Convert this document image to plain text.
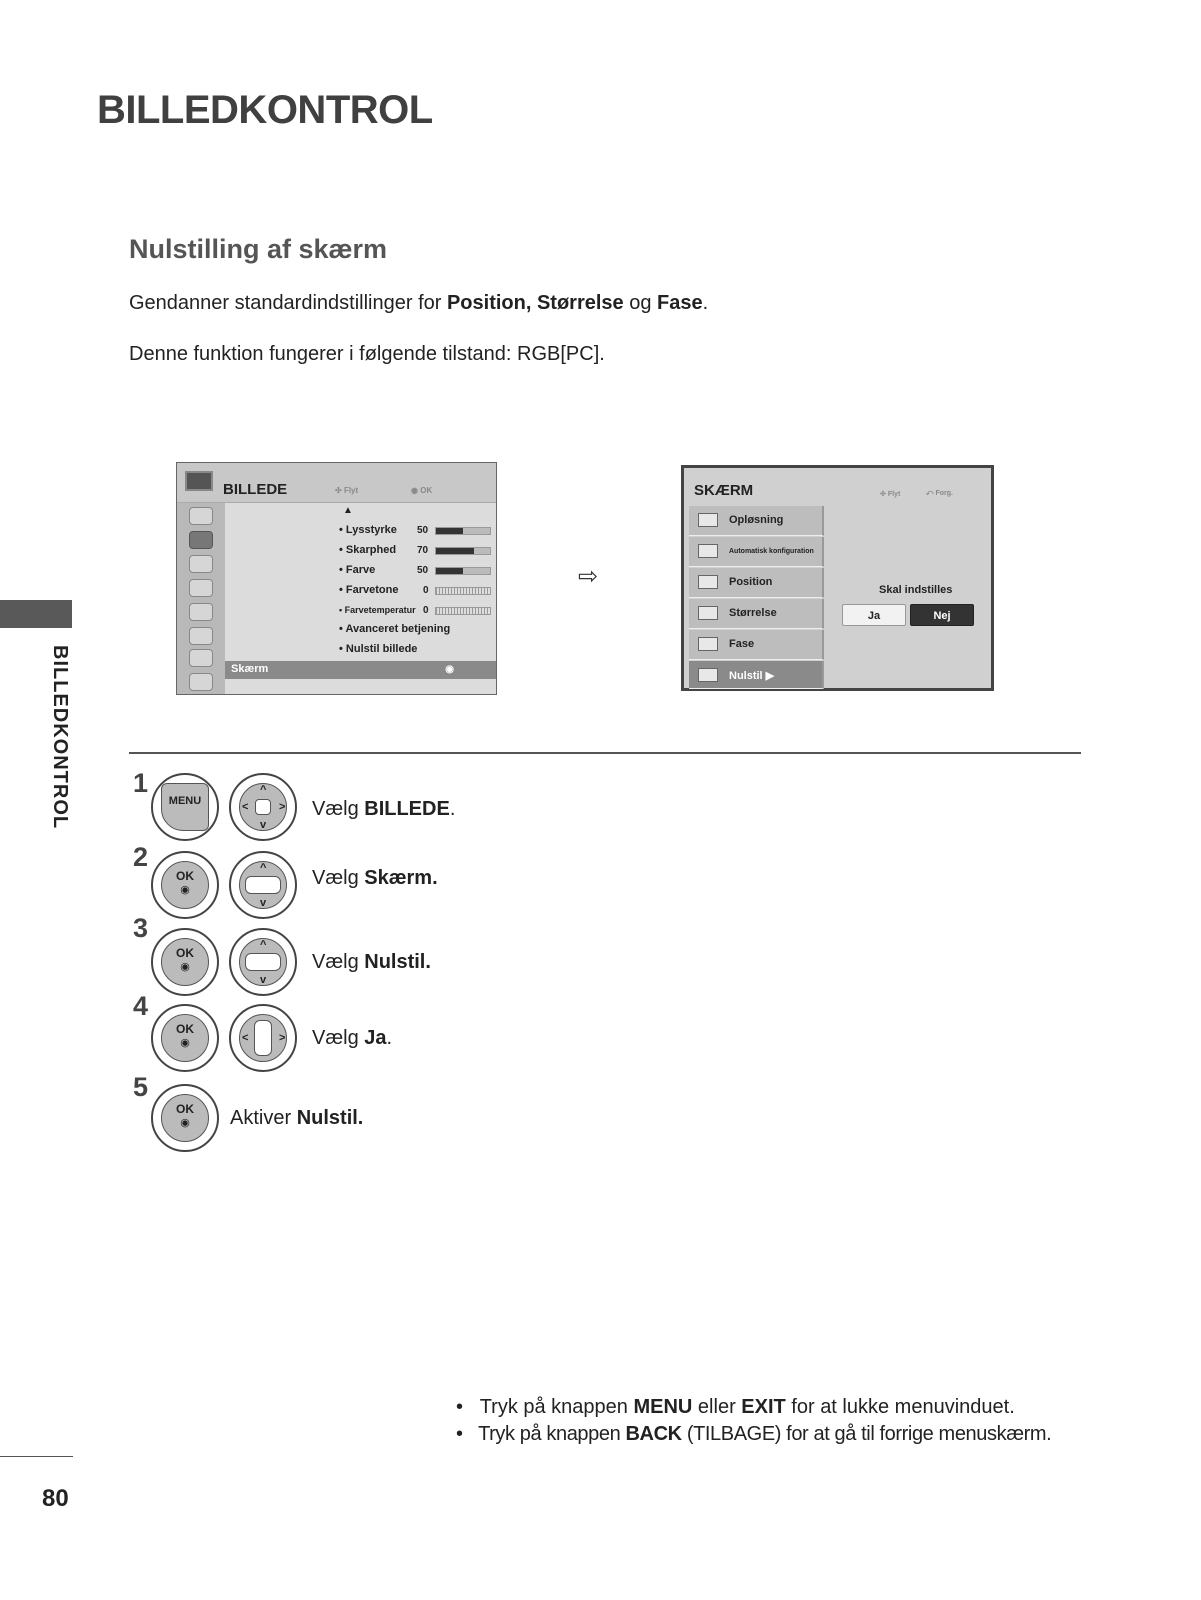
BILLEDKONTROL
Nulstilling af skærm
Gendanner standardindstillinger for Position, Størrelse og Fase.
Denne funktion fungerer i følgende tilstand: RGB[PC].
BILLEDKONTROL
BILLEDE	✣ Flyt	◉ OK
▲
• Lysstyrke 50
• Skarphed 70
• Farve	50
• Farvetone 0
• Farvetemperatur 0
• Avanceret betjening
• Nulstil billede
Skærm	◉
⇨
SKÆRM	✣ Flyt	⤺ Forg.
Opløsning
Automatisk konfiguration
Position
Størrelse
Fase
Nulstil ▶
Skal indstilles
Ja	Nej
1
MENU
^
v
<	> Vælg BILLEDE.
2
OK
◉
^
v
Vælg Skærm.
3
OK
◉
^
v
Vælg Nulstil.
4
OK
◉	<	> Vælg Ja.
5
OK
◉	Aktiver Nulstil.
• Tryk på knappen MENU eller EXIT for at lukke menuvinduet.
• Tryk på knappen BACK (TILBAGE) for at gå til forrige menuskærm.
80
